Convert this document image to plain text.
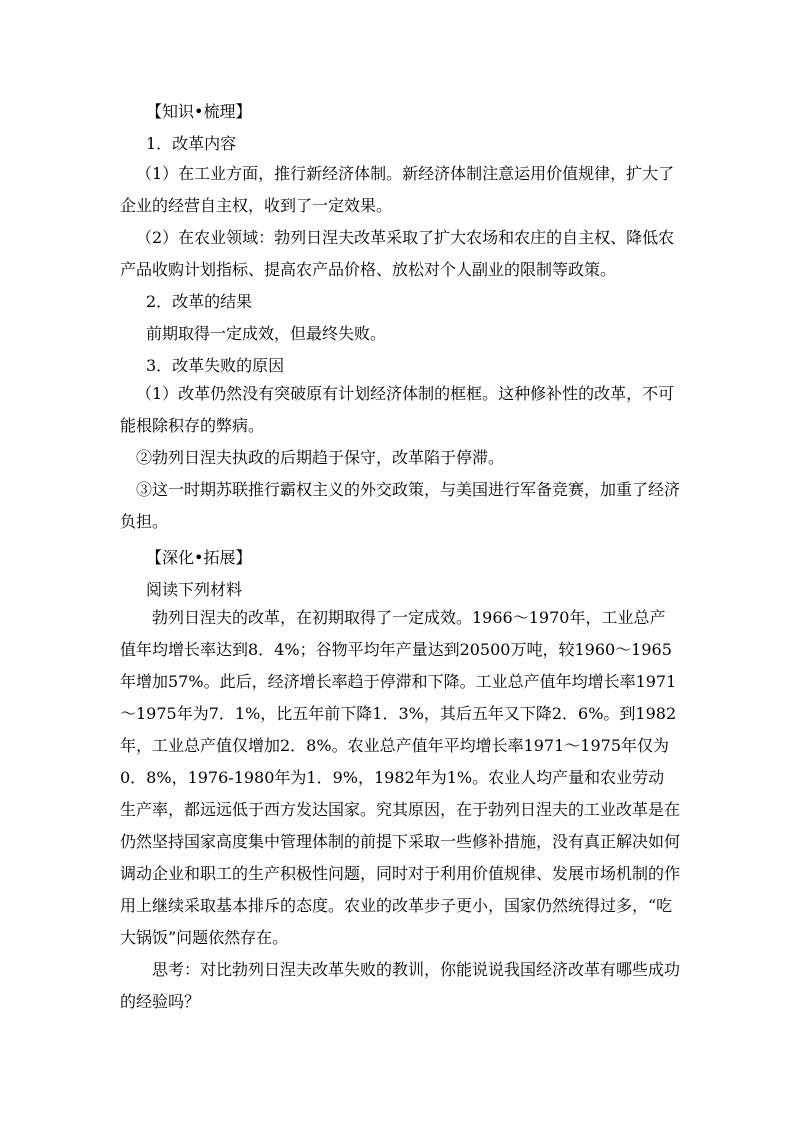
【知识•梳理】
1．改革内容
（1）在工业方面，推行新经济体制。新经济体制注意运用价值规律，扩大了企业的经营自主权，收到了一定效果。
（2）在农业领域：勃列日涅夫改革采取了扩大农场和农庄的自主权、降低农产品收购计划指标、提高农产品价格、放松对个人副业的限制等政策。
2．改革的结果
前期取得一定成效，但最终失败。
3．改革失败的原因
（1）改革仍然没有突破原有计划经济体制的框框。这种修补性的改革，不可能根除积存的弊病。
②勃列日涅夫执政的后期趋于保守，改革陷于停滞。
③这一时期苏联推行霸权主义的外交政策，与美国进行军备竞赛，加重了经济负担。
【深化•拓展】
阅读下列材料
勃列日涅夫的改革，在初期取得了一定成效。1966～1970年，工业总产值年均增长率达到8．4%；谷物平均年产量达到20500万吨，较1960～1965年增加57%。此后，经济增长率趋于停滞和下降。工业总产值年均增长率1971～1975年为7．1%，比五年前下降1．3%，其后五年又下降2．6%。到1982年，工业总产值仅增加2．8%。农业总产值年平均增长率1971～1975年仅为0．8%，1976-1980年为1．9%，1982年为1%。农业人均产量和农业劳动生产率，都远远低于西方发达国家。究其原因，在于勃列日涅夫的工业改革是在仍然坚持国家高度集中管理体制的前提下采取一些修补措施，没有真正解决如何调动企业和职工的生产积极性问题，同时对于利用价值规律、发展市场机制的作用上继续采取基本排斥的态度。农业的改革步子更小，国家仍然统得过多，“吃大锅饭”问题依然存在。
思考：对比勃列日涅夫改革失败的教训，你能说说我国经济改革有哪些成功的经验吗？
